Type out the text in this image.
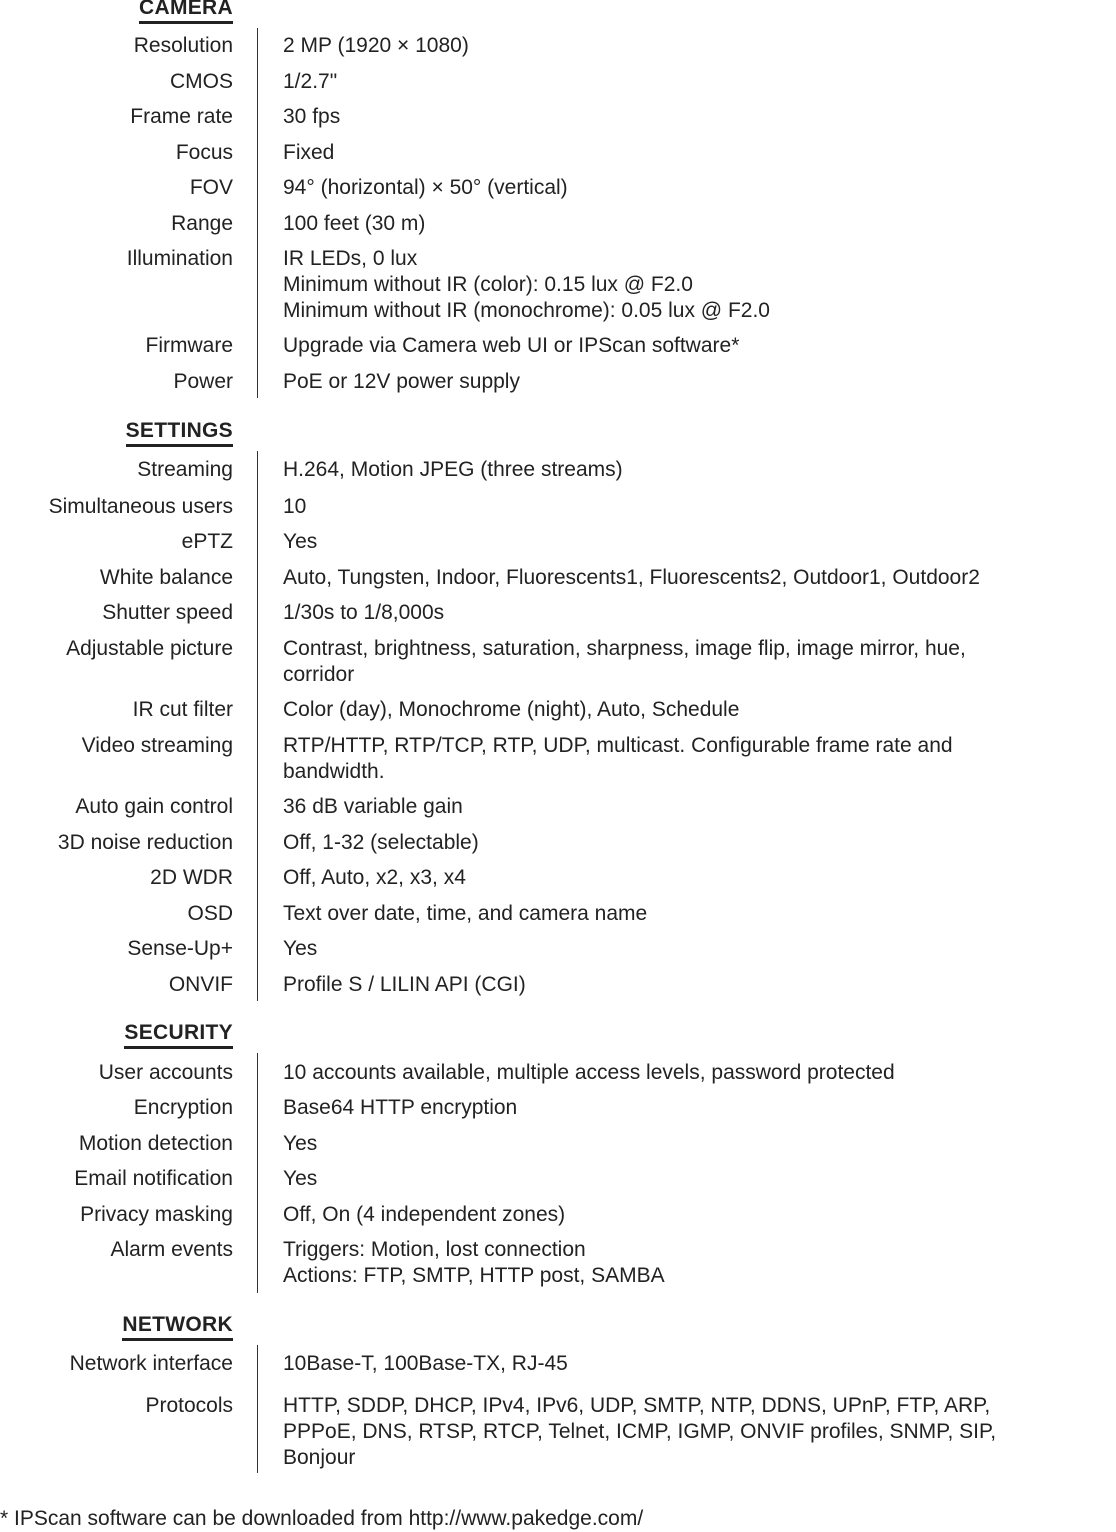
CAMERA
Resolution 2 MP (1920 × 1080)
CMOS 1/2.7"
Frame rate 30 fps
Focus Fixed
FOV 94° (horizontal) × 50° (vertical)
Range 100 feet (30 m)
Illumination IR LEDs, 0 lux
Minimum without IR (color): 0.15 lux @ F2.0
Minimum without IR (monochrome): 0.05 lux @ F2.0
Firmware Upgrade via Camera web UI or IPScan software*
Power PoE or 12V power supply
SETTINGS
Streaming H.264, Motion JPEG (three streams)
Simultaneous users 10
ePTZ Yes
White balance Auto, Tungsten, Indoor, Fluorescents1, Fluorescents2, Outdoor1, Outdoor2
Shutter speed 1/30s to 1/8,000s
Adjustable picture Contrast, brightness, saturation, sharpness, image flip, image mirror, hue,
corridor
IR cut filter Color (day), Monochrome (night), Auto, Schedule
Video streaming RTP/HTTP, RTP/TCP, RTP, UDP, multicast. Configurable frame rate and
bandwidth.
Auto gain control 36 dB variable gain
3D noise reduction Off, 1-32 (selectable)
2D WDR Off, Auto, x2, x3, x4
OSD Text over date, time, and camera name
Sense-Up+ Yes
ONVIF Profile S / LILIN API (CGI)
SECURITY
User accounts 10 accounts available, multiple access levels, password protected
Encryption Base64 HTTP encryption
Motion detection Yes
Email notification Yes
Privacy masking Off, On (4 independent zones)
Alarm events Triggers: Motion, lost connection
Actions: FTP, SMTP, HTTP post, SAMBA
NETWORK
Network interface 10Base-T, 100Base-TX, RJ-45
Protocols HTTP, SDDP, DHCP, IPv4, IPv6, UDP, SMTP, NTP, DDNS, UPnP, FTP, ARP,
PPPoE, DNS, RTSP, RTCP, Telnet, ICMP, IGMP, ONVIF profiles, SNMP, SIP,
Bonjour
* IPScan software can be downloaded from http://www.pakedge.com/
